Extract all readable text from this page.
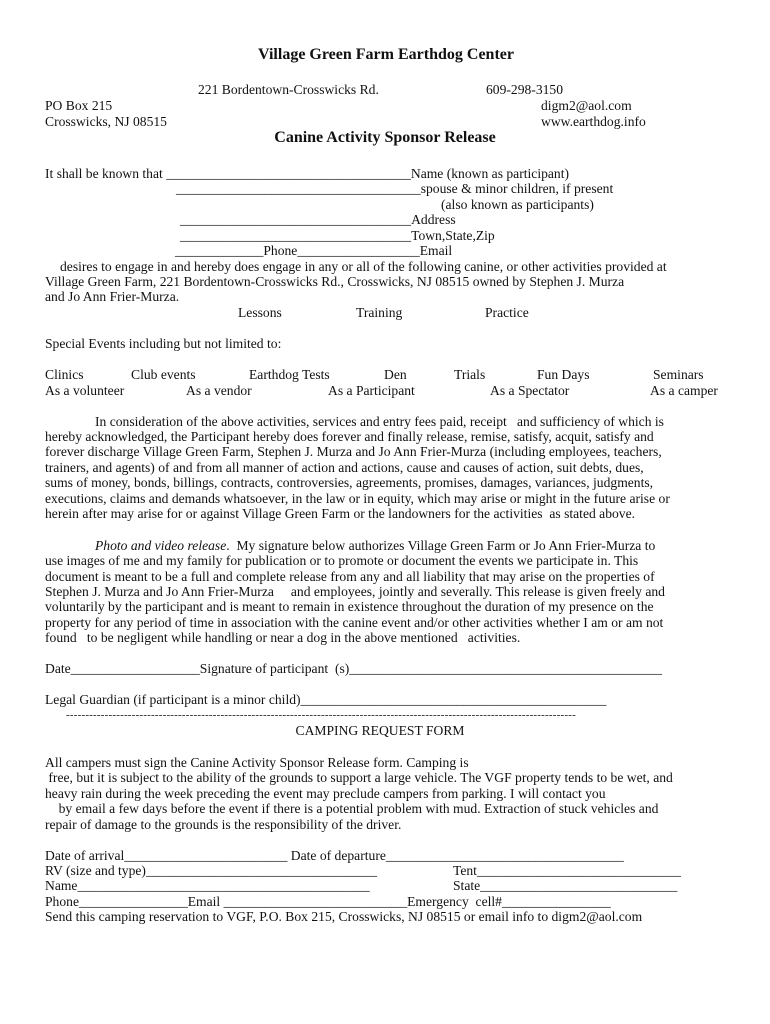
Village Green Farm Earthdog Center
221 Bordentown-Crosswicks Rd.	609-298-3150
PO Box 215	digm2@aol.com
Crosswicks, NJ 08515	www.earthdog.info
Canine Activity Sponsor Release
It shall be known that ____________________________________Name (known as participant)
____________________________________spouse & minor children, if present
(also known as participants)
__________________________________Address
__________________________________Town,State,Zip
_____________Phone__________________Email
desires to engage in and hereby does engage in any or all of the following canine, or other activities provided at
Village Green Farm, 221 Bordentown-Crosswicks Rd., Crosswicks, NJ 08515 owned by Stephen J. Murza
and Jo Ann Frier-Murza.
Lessons	Training	Practice
Special Events including but not limited to:
Clinics	Club events	Earthdog Tests	Den	Trials	Fun Days	Seminars
As a volunteer	As a vendor	As a Participant	As a Spectator	As a camper
In consideration of the above activities, services and entry fees paid, receipt   and sufficiency of which is
hereby acknowledged, the Participant hereby does forever and finally release, remise, satisfy, acquit, satisfy and
forever discharge Village Green Farm, Stephen J. Murza and Jo Ann Frier-Murza (including employees, teachers,
trainers, and agents) of and from all manner of action and actions, cause and causes of action, suit debts, dues,
sums of money, bonds, billings, contracts, controversies, agreements, promises, damages, variances, judgments,
executions, claims and demands whatsoever, in the law or in equity, which may arise or might in the future arise or
herein after may arise for or against Village Green Farm or the landowners for the activities  as stated above.
Photo and video release.  My signature below authorizes Village Green Farm or Jo Ann Frier-Murza to
use images of me and my family for publication or to promote or document the events we participate in. This
document is meant to be a full and complete release from any and all liability that may arise on the properties of
Stephen J. Murza and Jo Ann Frier-Murza     and employees, jointly and severally. This release is given freely and
voluntarily by the participant and is meant to remain in existence throughout the duration of my presence on the
property for any period of time in association with the canine event and/or other activities whether I am or am not
found   to be negligent while handling or near a dog in the above mentioned   activities.
Date___________________Signature of participant  (s)______________________________________________
Legal Guardian (if participant is a minor child)_____________________________________________
------------------------------------------------------------------------------------------------------------------------------------
CAMPING REQUEST FORM
All campers must sign the Canine Activity Sponsor Release form. Camping is
free, but it is subject to the ability of the grounds to support a large vehicle. The VGF property tends to be wet, and
heavy rain during the week preceding the event may preclude campers from parking. I will contact you
by email a few days before the event if there is a potential problem with mud. Extraction of stuck vehicles and
repair of damage to the grounds is the responsibility of the driver.
Date of arrival________________________ Date of departure___________________________________
RV (size and type)__________________________________	Tent______________________________
Name___________________________________________	State_____________________________
Phone________________Email ___________________________Emergency  cell#________________
Send this camping reservation to VGF, P.O. Box 215, Crosswicks, NJ 08515 or email info to digm2@aol.com
